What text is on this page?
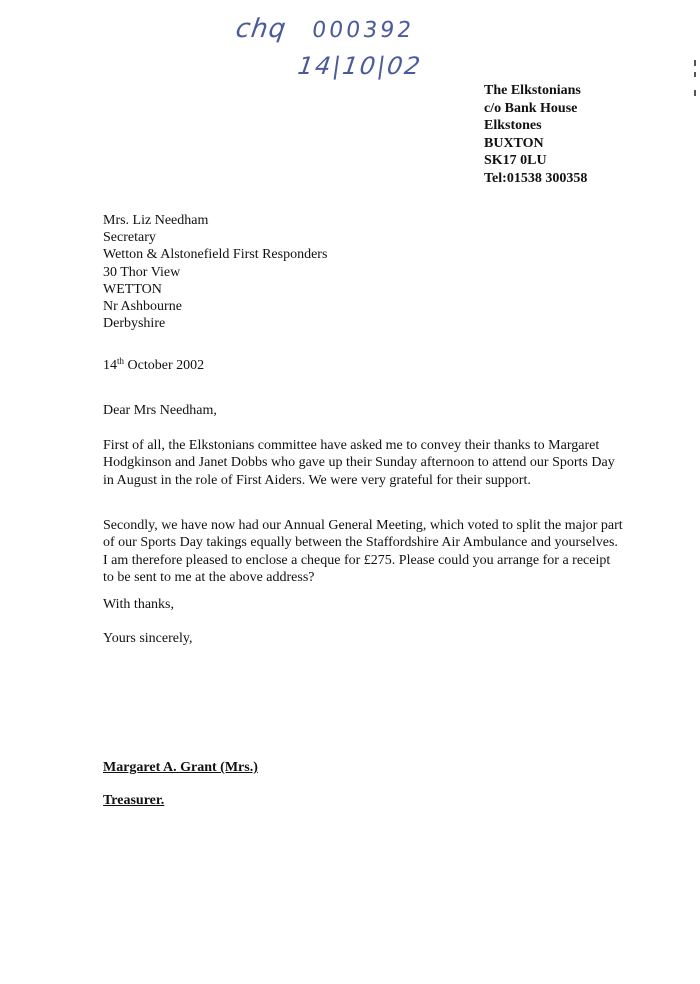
chq 000392
14|10|02
The Elkstonians
c/o Bank House
Elkstones
BUXTON
SK17 0LU
Tel:01538 300358
Mrs. Liz Needham
Secretary
Wetton & Alstonefield First Responders
30 Thor View
WETTON
Nr Ashbourne
Derbyshire
14th October 2002
Dear Mrs Needham,

First of all, the Elkstonians committee have asked me to convey their thanks to Margaret Hodgkinson and Janet Dobbs who gave up their Sunday afternoon to attend our Sports Day in August in the role of First Aiders. We were very grateful for their support.

Secondly, we have now had our Annual General Meeting, which voted to split the major part of our Sports Day takings equally between the Staffordshire Air Ambulance and yourselves. I am therefore pleased to enclose a cheque for £275. Please could you arrange for a receipt to be sent to me at the above address?

With thanks,
Yours sincerely,
Margaret A. Grant (Mrs.)
Treasurer.
